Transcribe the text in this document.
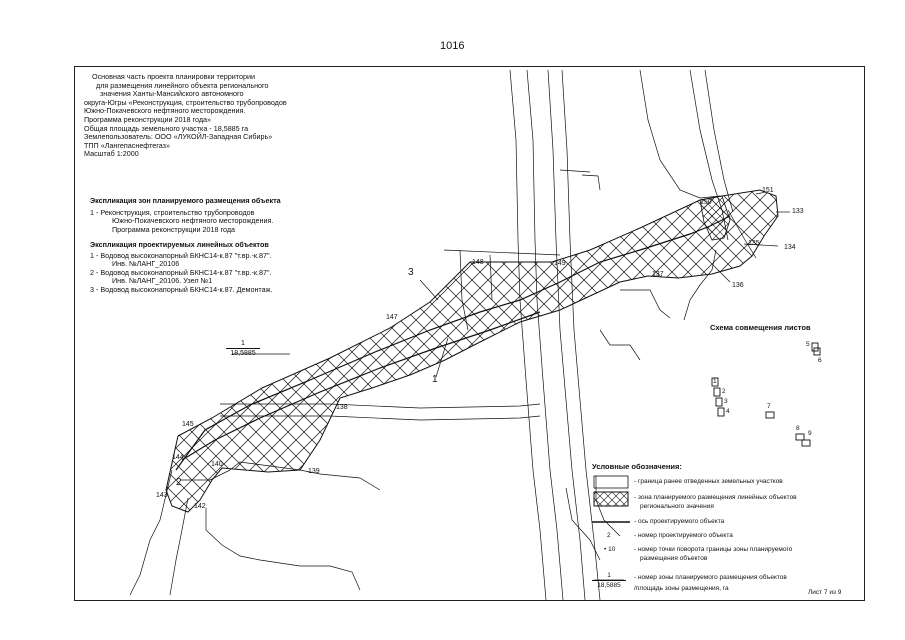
1016
Основная часть проекта планировки территории
для размещения линейного объекта регионального
значения Ханты-Мансийского автономного
округа-Югры «Реконструкция, строительство трубопроводов
Южно-Покачевского нефтяного месторождения.
Программа реконструкции 2018 года»
Общая площадь земельного участка - 18,5885 га
Землепользователь: ООО «ЛУКОЙЛ-Западная Сибирь»
ТПП «Лангепаснефтегаз»
Масштаб 1:2000
Экспликация зон планируемого размещения объекта
1 - Реконструкция, строительство трубопроводов
Южно-Покачевского нефтяного месторождения.
Программа реконструкции 2018 года
Экспликация проектируемых линейных объектов
1 - Водовод высоконапорный БКНС14-к.87 "т.вр.-к.87".
Инв. №ЛАНГ_20106
2 - Водовод высоконапорный БКНС14-к.87 "т.вр.-к.87".
Инв. №ЛАНГ_20106. Узел №1
3 - Водовод высоконапорный БКНС14-к.87. Демонтаж.
$\frac{1}{18,5885}$
151
133
134
135
136
137
138
139
140
142
143
144
145
147
148	149
150
1
2
3
Схема совмещения листов
1
2
3
4
5
6
7
8
9
Условные обозначения:
- граница ранее отведенных земельных участков
- зона планируемого размещения линейных объектов
регионального значения
- ось проектируемого объекта
2	- номер проектируемого объекта
• 10	- номер точки поворота границы зоны планируемого
размещения объектов
$\frac{1}{18,5885}$ - номер зоны планируемого размещения объектов
/площадь зоны размещения, га
Лист 7 из 9
